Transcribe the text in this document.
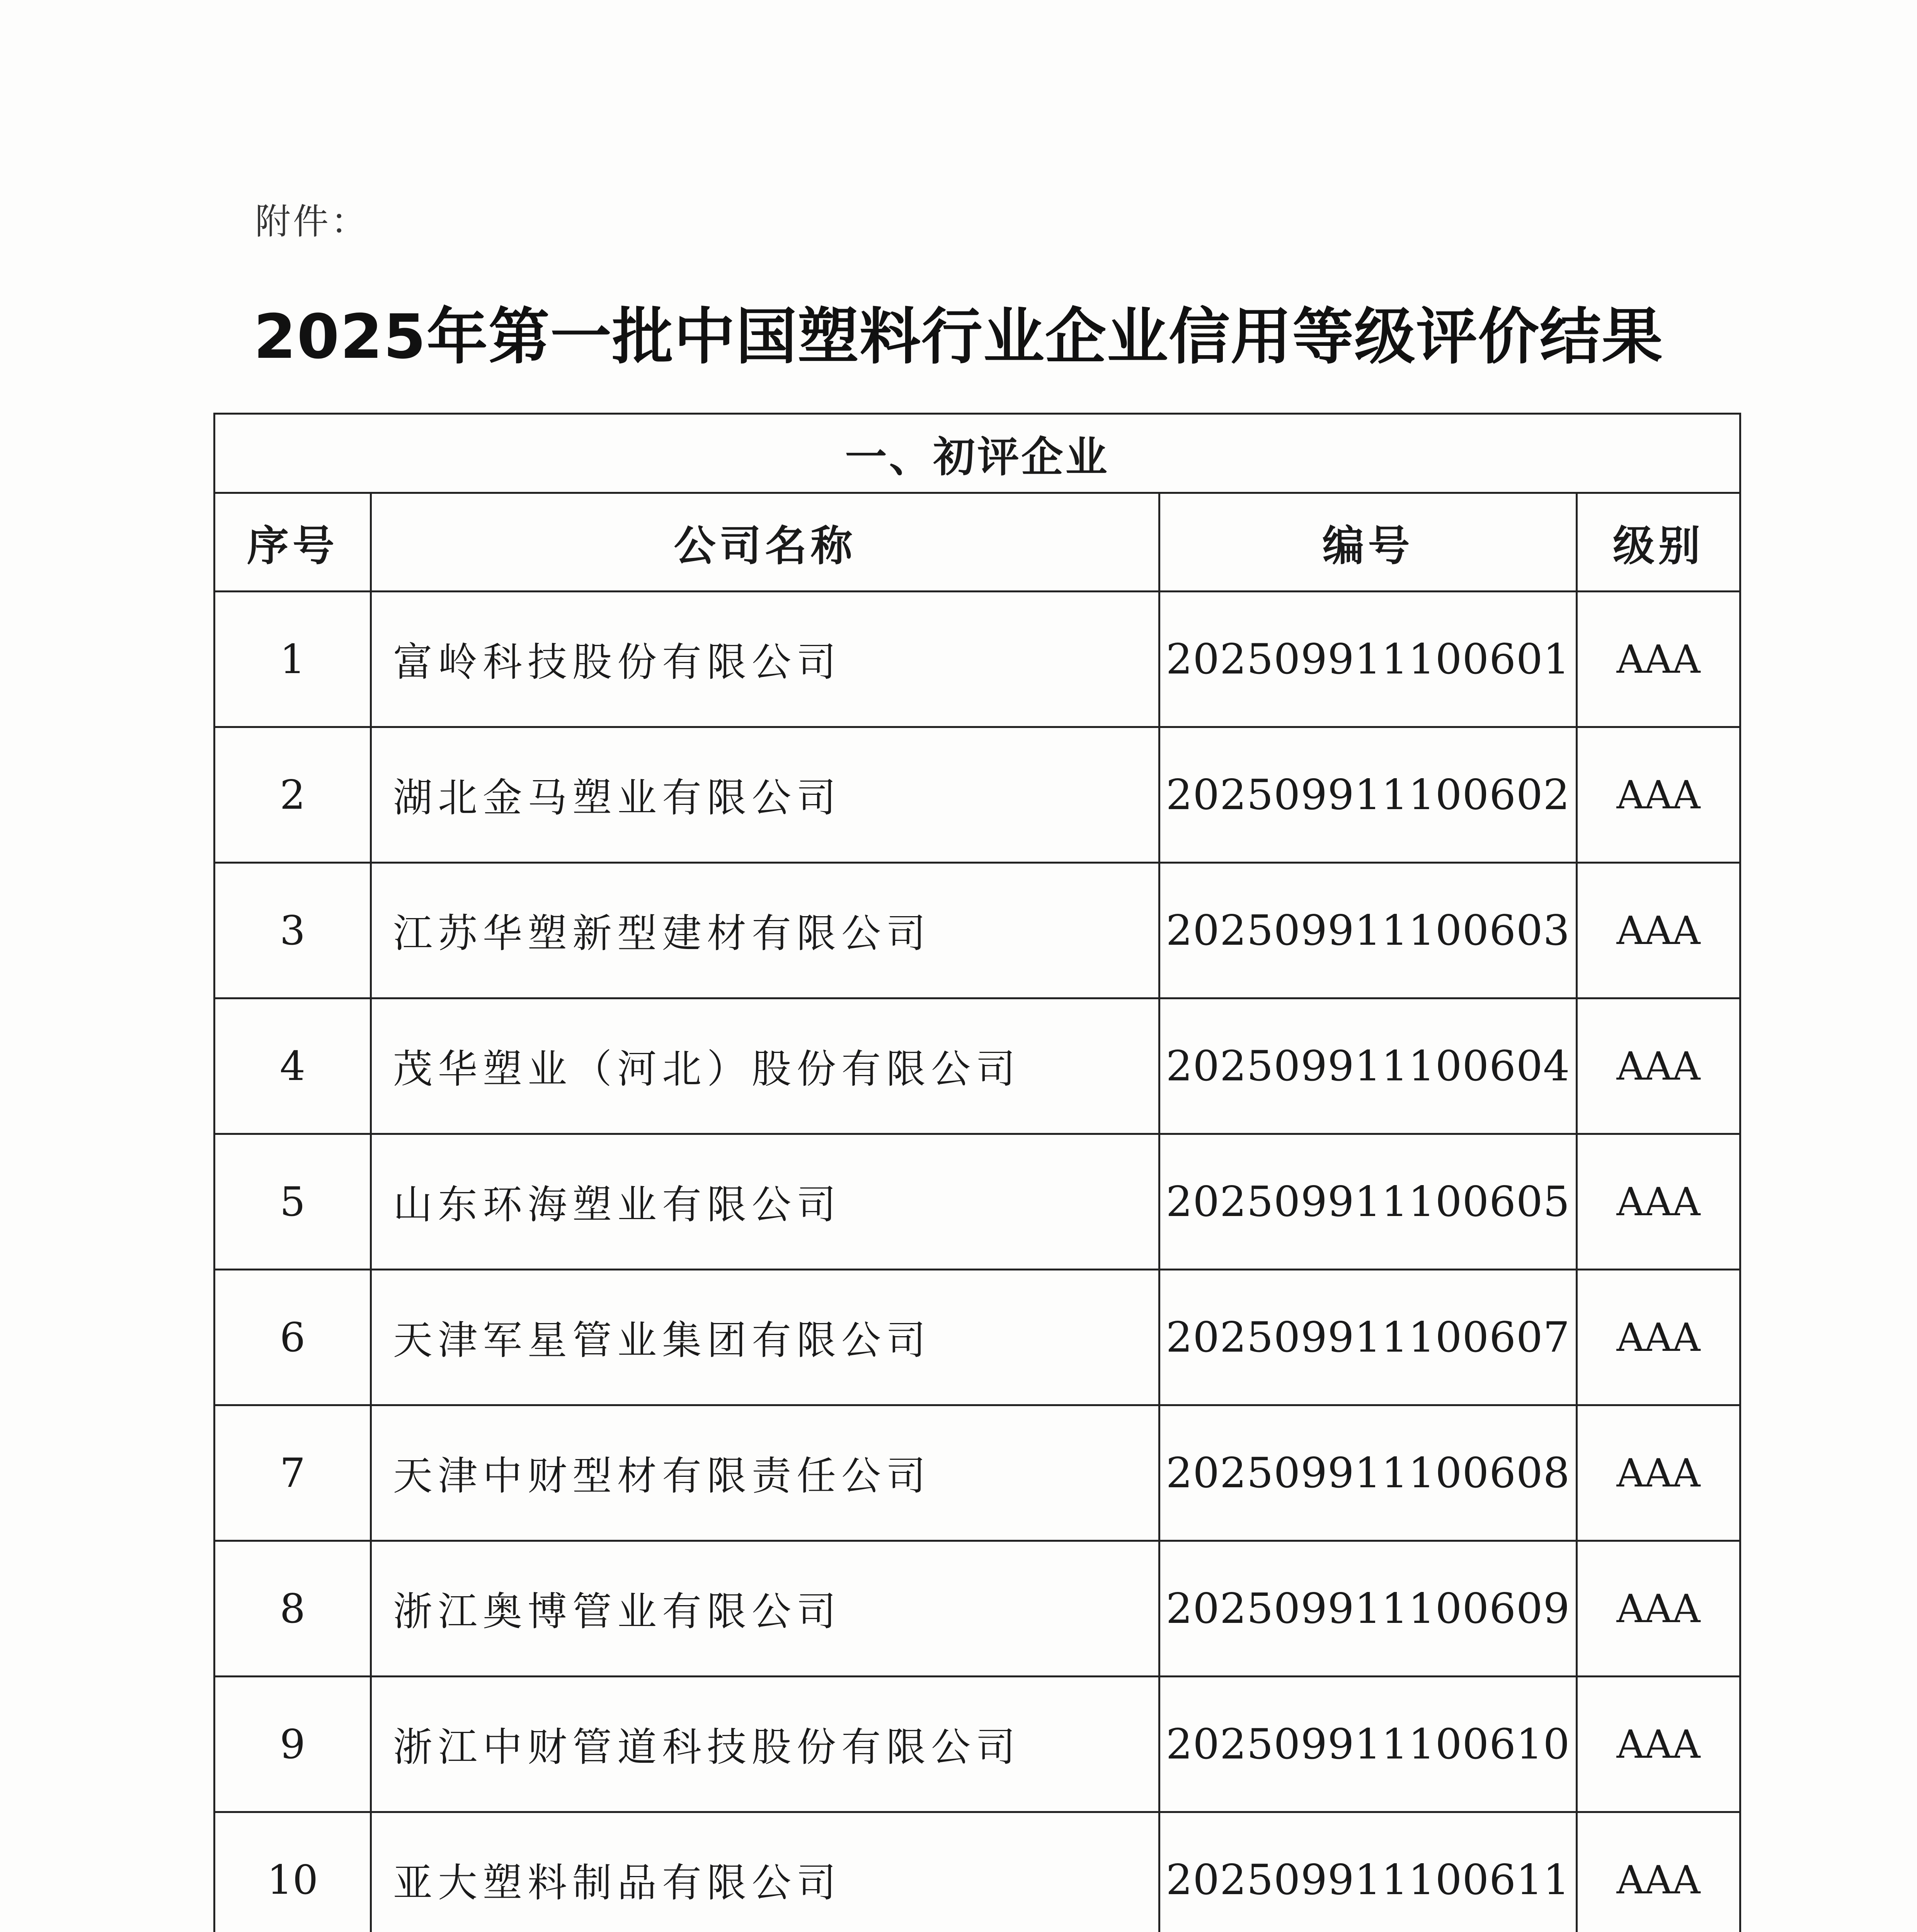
附件：
2025年第一批中国塑料行业企业信用等级评价结果
一、初评企业			
序号	公司名称	编号	级别
1	富岭科技股份有限公司	202509911100601	AAA
2	湖北金马塑业有限公司	202509911100602	AAA
3	江苏华塑新型建材有限公司	202509911100603	AAA
4	茂华塑业（河北）股份有限公司	202509911100604	AAA
5	山东环海塑业有限公司	202509911100605	AAA
6	天津军星管业集团有限公司	202509911100607	AAA
7	天津中财型材有限责任公司	202509911100608	AAA
8	浙江奥博管业有限公司	202509911100609	AAA
9	浙江中财管道科技股份有限公司	202509911100610	AAA
10	亚大塑料制品有限公司	202509911100611	AAA
